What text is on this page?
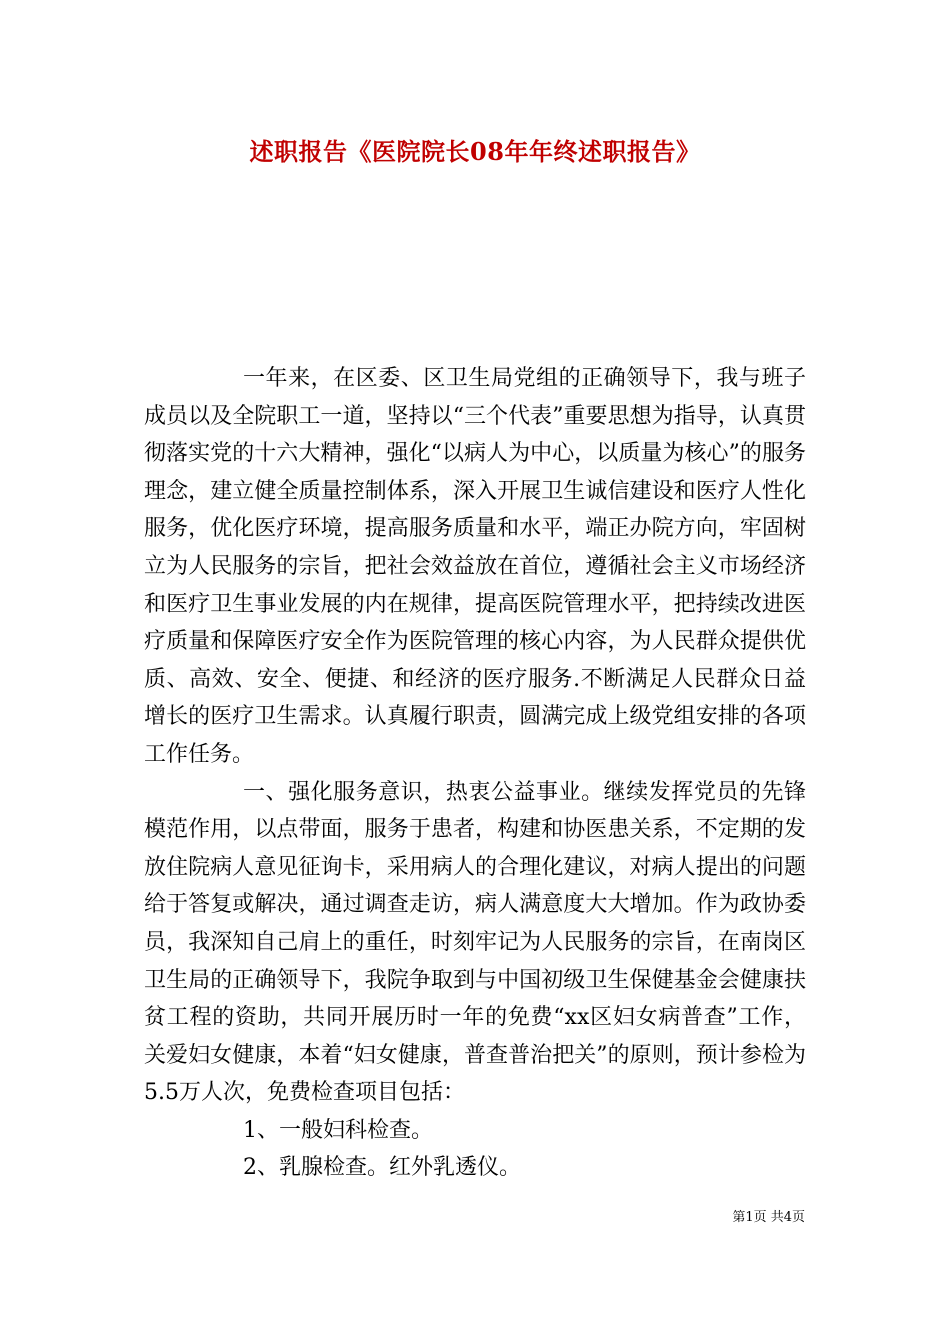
述职报告《医院院长08年年终述职报告》

一年来，在区委、区卫生局党组的正确领导下，我与班子成员以及全院职工一道，坚持以“三个代表”重要思想为指导，认真贯彻落实党的十六大精神，强化“以病人为中心，以质量为核心”的服务理念，建立健全质量控制体系，深入开展卫生诚信建设和医疗人性化服务，优化医疗环境，提高服务质量和水平，端正办院方向，牢固树立为人民服务的宗旨，把社会效益放在首位，遵循社会主义市场经济和医疗卫生事业发展的内在规律，提高医院管理水平，把持续改进医疗质量和保障医疗安全作为医院管理的核心内容，为人民群众提供优质、高效、安全、便捷、和经济的医疗服务.不断满足人民群众日益增长的医疗卫生需求。认真履行职责，圆满完成上级党组安排的各项工作任务。

一、强化服务意识，热衷公益事业。继续发挥党员的先锋模范作用，以点带面，服务于患者，构建和协医患关系，不定期的发放住院病人意见征询卡，采用病人的合理化建议，对病人提出的问题给于答复或解决，通过调查走访，病人满意度大大增加。作为政协委员，我深知自己肩上的重任，时刻牢记为人民服务的宗旨，在南岗区卫生局的正确领导下，我院争取到与中国初级卫生保健基金会健康扶贫工程的资助，共同开展历时一年的免费“xx区妇女病普查”工作，关爱妇女健康，本着“妇女健康，普查普治把关”的原则，预计参检为5.5万人次，免费检查项目包括：

1、一般妇科检查。

2、乳腺检查。红外乳透仪。

第1页 共4页
